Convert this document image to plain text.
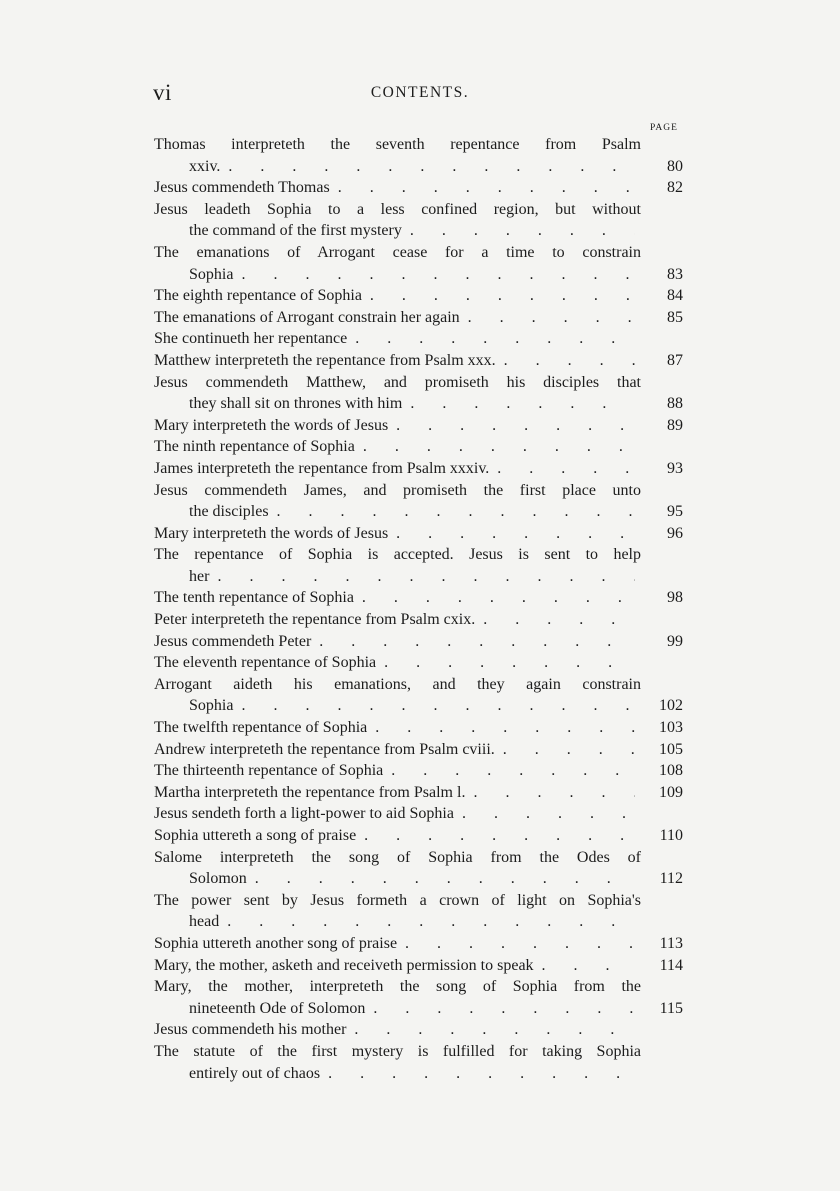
vi	CONTENTS.
PAGE
Thomas interpreteth the seventh repentance from Psalm
xxiv. . . .	80
Jesus commendeth Thomas . . .	82
Jesus leadeth Sophia to a less confined region, but without
the command of the first mystery
. . .
The emanations of Arrogant cease for a time to constrain
Sophia . . .	83
The eighth repentance of Sophia . . .	84
The emanations of Arrogant constrain her again . . .	85
She continueth her repentance
. . .
Matthew interpreteth the repentance from Psalm xxx. . . .	87
Jesus commendeth Matthew, and promiseth his disciples that
they shall sit on thrones with him . . .	88
Mary interpreteth the words of Jesus . . .	89
The ninth repentance of Sophia
. . .
James interpreteth the repentance from Psalm xxxiv. . . .	93
Jesus commendeth James, and promiseth the first place unto
the disciples . . .	95
Mary interpreteth the words of Jesus . . .	96
The repentance of Sophia is accepted. Jesus is sent to help
her
. . .
The tenth repentance of Sophia . . .	98
Peter interpreteth the repentance from Psalm cxix.
. . .
Jesus commendeth Peter . . .	99
The eleventh repentance of Sophia
. . .
Arrogant aideth his emanations, and they again constrain
Sophia . . .	102
The twelfth repentance of Sophia . . .	103
Andrew interpreteth the repentance from Psalm cviii. . . .	105
The thirteenth repentance of Sophia . . .	108
Martha interpreteth the repentance from Psalm l. . . .	109
Jesus sendeth forth a light-power to aid Sophia
. . .
Sophia uttereth a song of praise . . .	110
Salome interpreteth the song of Sophia from the Odes of
Solomon . . .	112
The power sent by Jesus formeth a crown of light on Sophia's
head
. . .
Sophia uttereth another song of praise . . .	113
Mary, the mother, asketh and receiveth permission to speak . . .	114
Mary, the mother, interpreteth the song of Sophia from the
nineteenth Ode of Solomon . . .	115
Jesus commendeth his mother
. . .
The statute of the first mystery is fulfilled for taking Sophia
entirely out of chaos
. . .
